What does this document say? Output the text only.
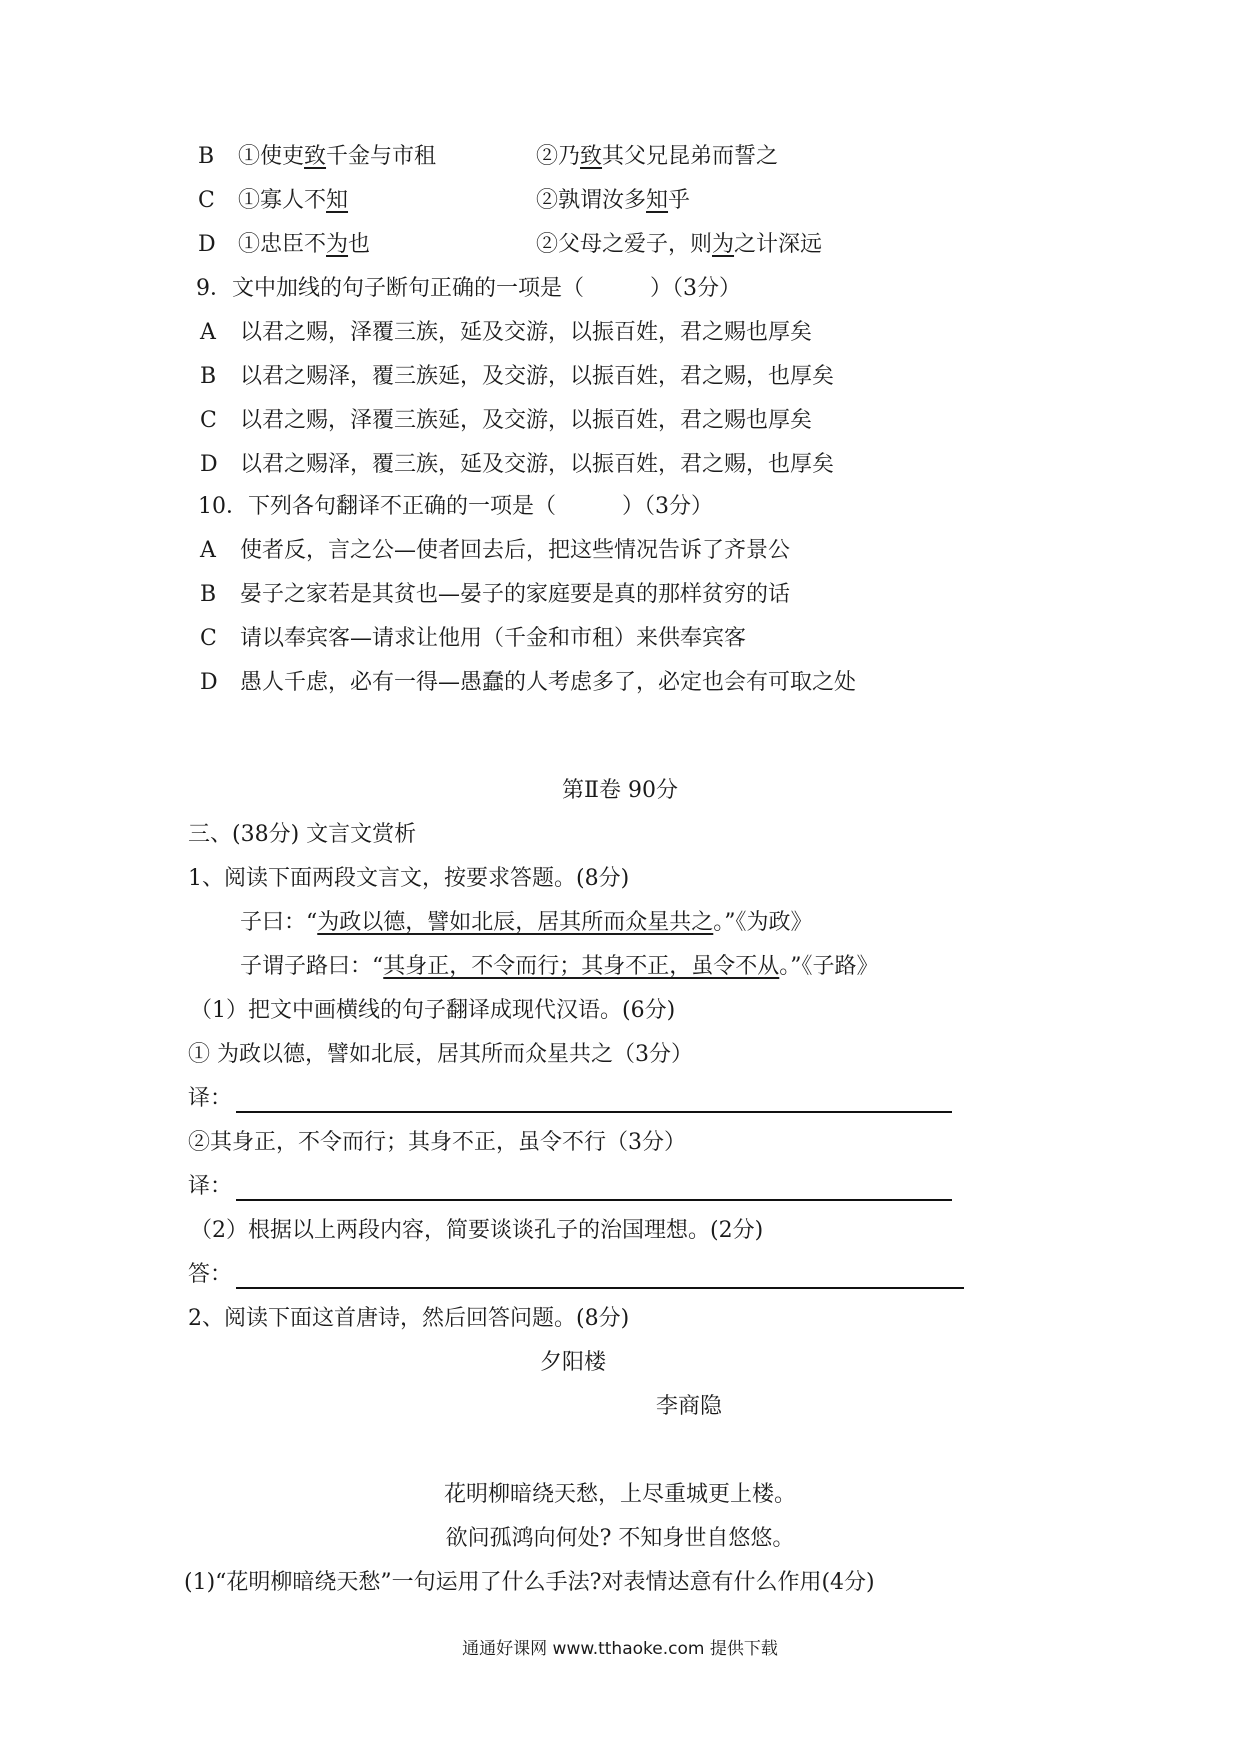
B ①使吏致千金与市租	②乃致其父兄昆弟而誓之
C ①寡人不知	②孰谓汝多知乎
D ①忠臣不为也	②父母之爱子，则为之计深远
9．文中加线的句子断句正确的一项是（　　　）（3分）
A 以君之赐，泽覆三族，延及交游，以振百姓，君之赐也厚矣
B 以君之赐泽，覆三族延，及交游，以振百姓，君之赐，也厚矣
C 以君之赐，泽覆三族延，及交游，以振百姓，君之赐也厚矣
D 以君之赐泽，覆三族，延及交游，以振百姓，君之赐，也厚矣
10．下列各句翻译不正确的一项是（　　　）（3分）
A 使者反，言之公—使者回去后，把这些情况告诉了齐景公
B 晏子之家若是其贫也—晏子的家庭要是真的那样贫穷的话
C 请以奉宾客—请求让他用（千金和市租）来供奉宾客
D 愚人千虑，必有一得—愚蠢的人考虑多了，必定也会有可取之处
第Ⅱ卷 90分
三、(38分) 文言文赏析
1、阅读下面两段文言文，按要求答题。(8分)
子曰：“为政以德，譬如北辰，居其所而众星共之。”《为政》
子谓子路曰：“其身正，不令而行；其身不正，虽令不从。”《子路》
（1）把文中画横线的句子翻译成现代汉语。(6分)
① 为政以德，譬如北辰，居其所而众星共之（3分）
译：
②其身正，不令而行；其身不正，虽令不行（3分）
译：
（2）根据以上两段内容，简要谈谈孔子的治国理想。(2分)
答：
2、阅读下面这首唐诗，然后回答问题。(8分)
夕阳楼
李商隐
花明柳暗绕天愁，上尽重城更上楼。
欲问孤鸿向何处? 不知身世自悠悠。
(1)“花明柳暗绕天愁”一句运用了什么手法?对表情达意有什么作用(4分)
通通好课网 www.tthaoke.com 提供下载
